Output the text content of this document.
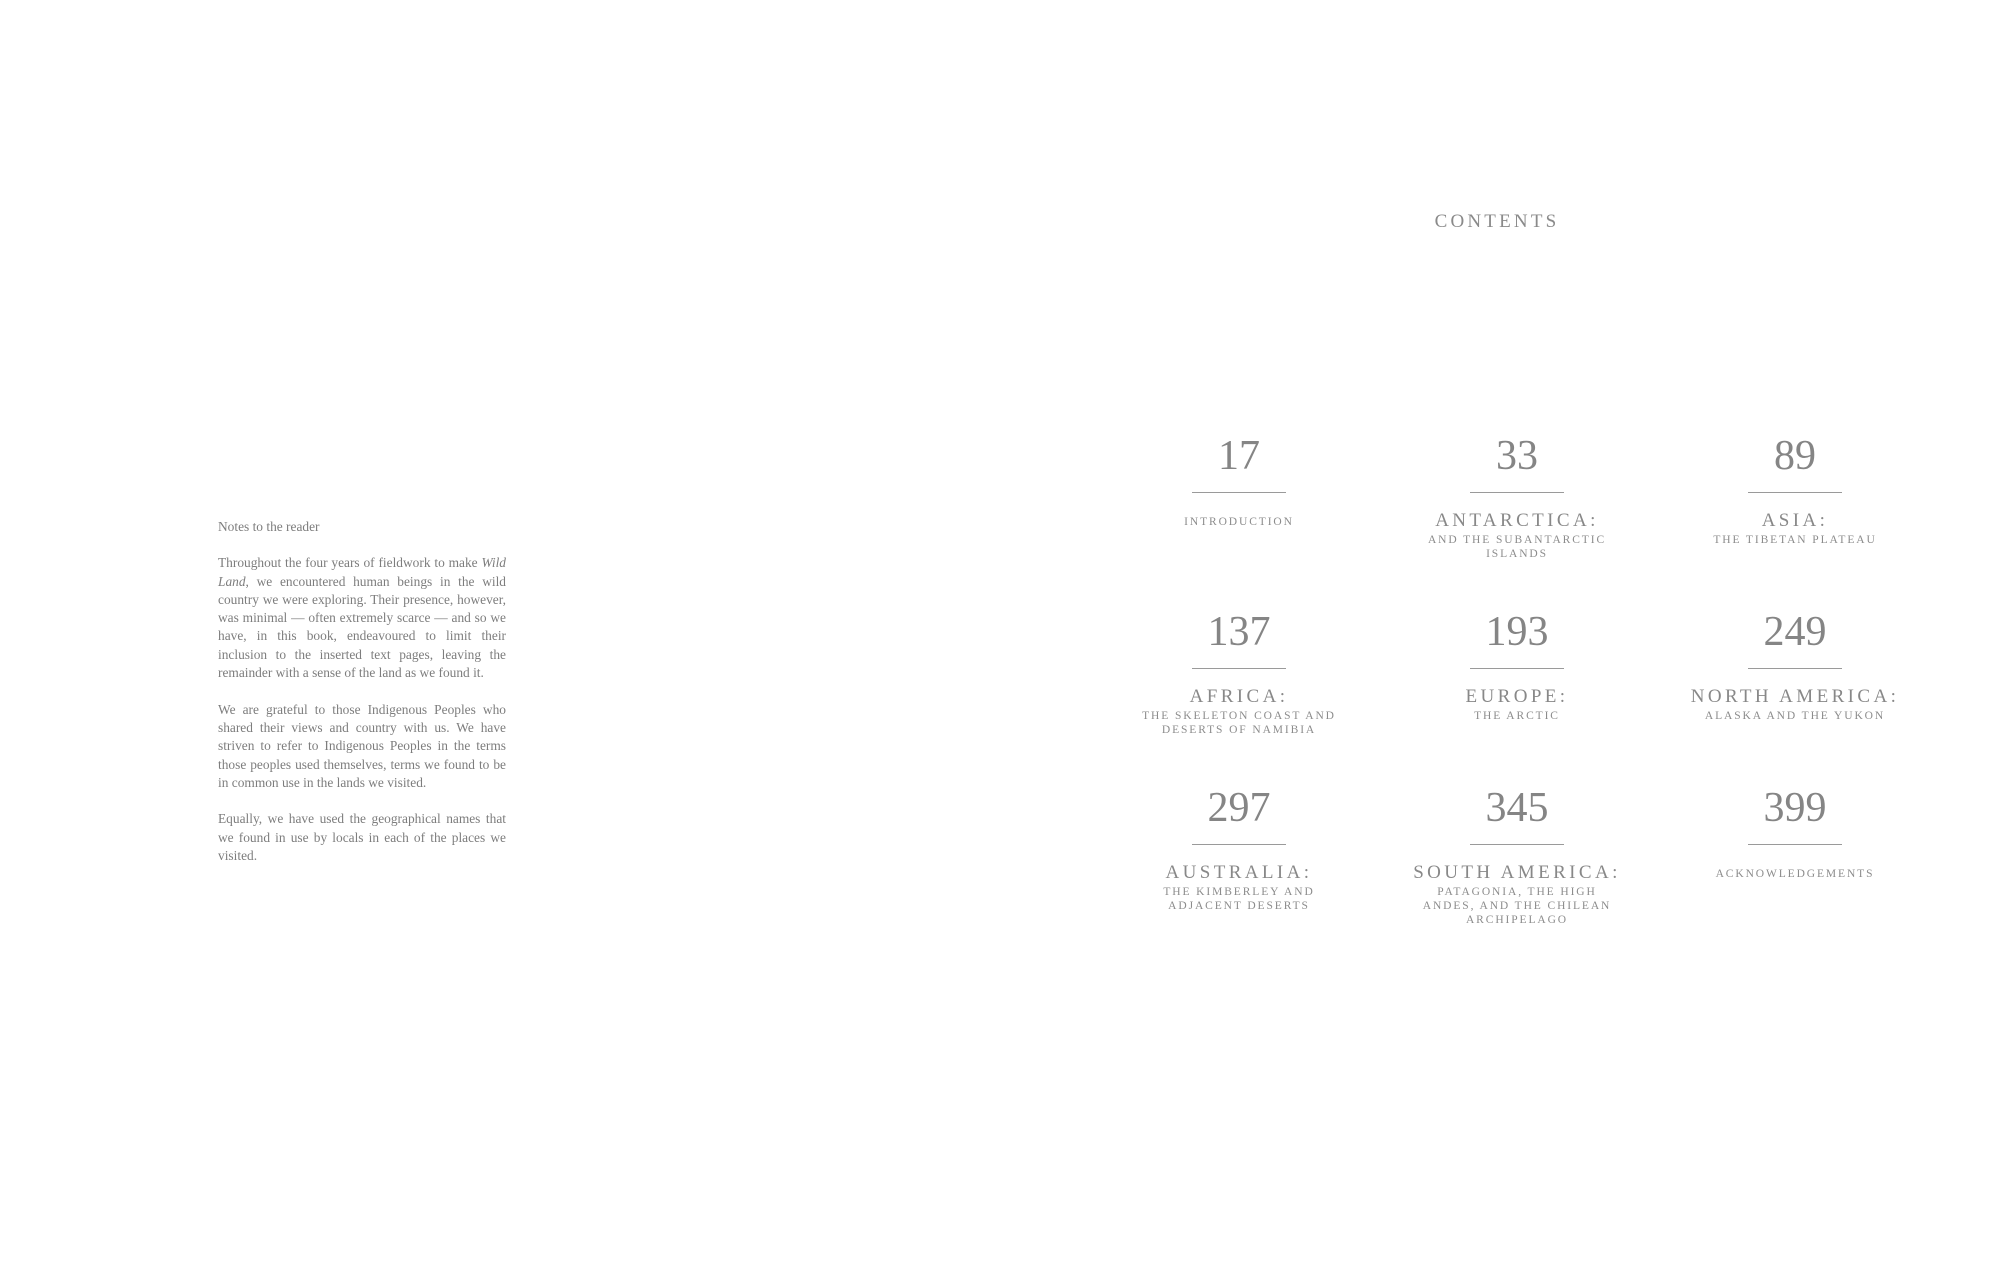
Notes to the reader

Throughout the four years of fieldwork to make Wild Land, we encountered human beings in the wild country we were exploring. Their presence, however, was minimal — often extremely scarce — and so we have, in this book, endeavoured to limit their inclusion to the inserted text pages, leaving the remainder with a sense of the land as we found it.

We are grateful to those Indigenous Peoples who shared their views and country with us. We have striven to refer to Indigenous Peoples in the terms those peoples used themselves, terms we found to be in common use in the lands we visited.

Equally, we have used the geographical names that we found in use by locals in each of the places we visited.

CONTENTS
17
INTRODUCTION
33
ANTARCTICA:
AND THE SUBANTARCTIC ISLANDS
89
ASIA:
THE TIBETAN PLATEAU
137
AFRICA:
THE SKELETON COAST AND DESERTS OF NAMIBIA
193
EUROPE:
THE ARCTIC
249
NORTH AMERICA:
ALASKA AND THE YUKON
297
AUSTRALIA:
THE KIMBERLEY AND ADJACENT DESERTS
345
SOUTH AMERICA:
PATAGONIA, THE HIGH ANDES, AND THE CHILEAN ARCHIPELAGO
399
ACKNOWLEDGEMENTS
